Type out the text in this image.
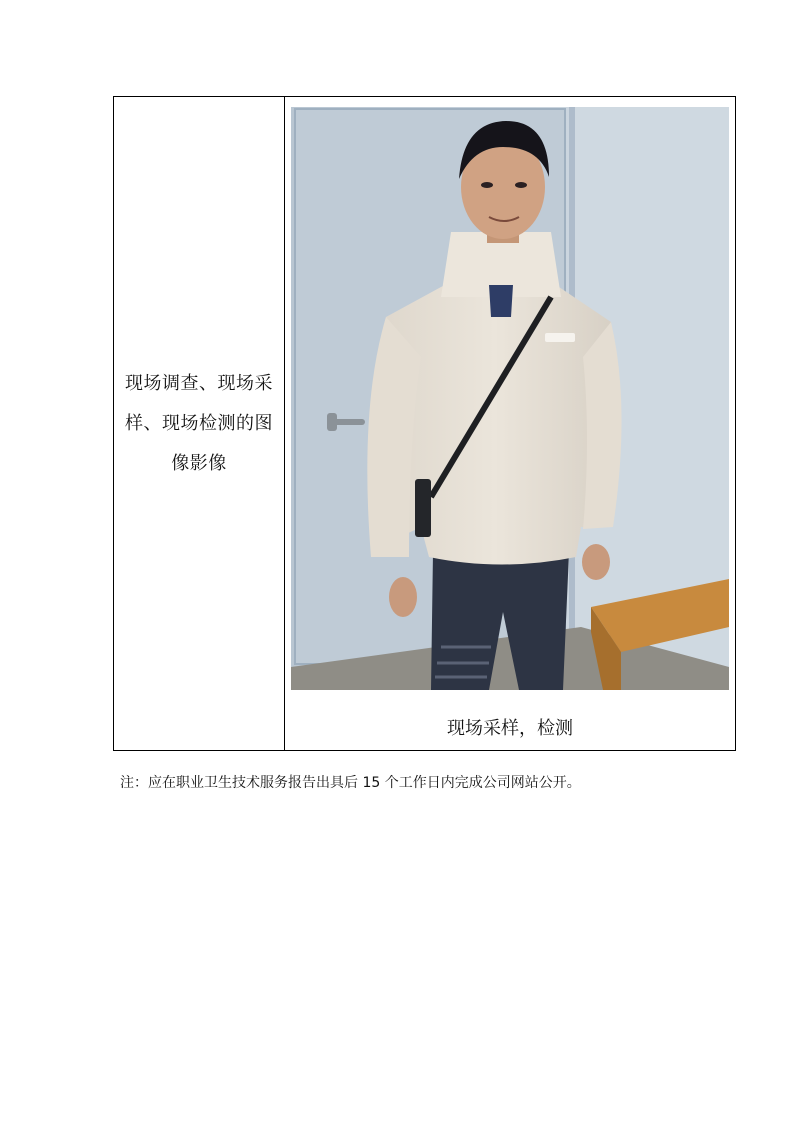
现场调查、现场采样、现场检测的图像影像
现场采样，检测
注：应在职业卫生技术服务报告出具后 15 个工作日内完成公司网站公开。
